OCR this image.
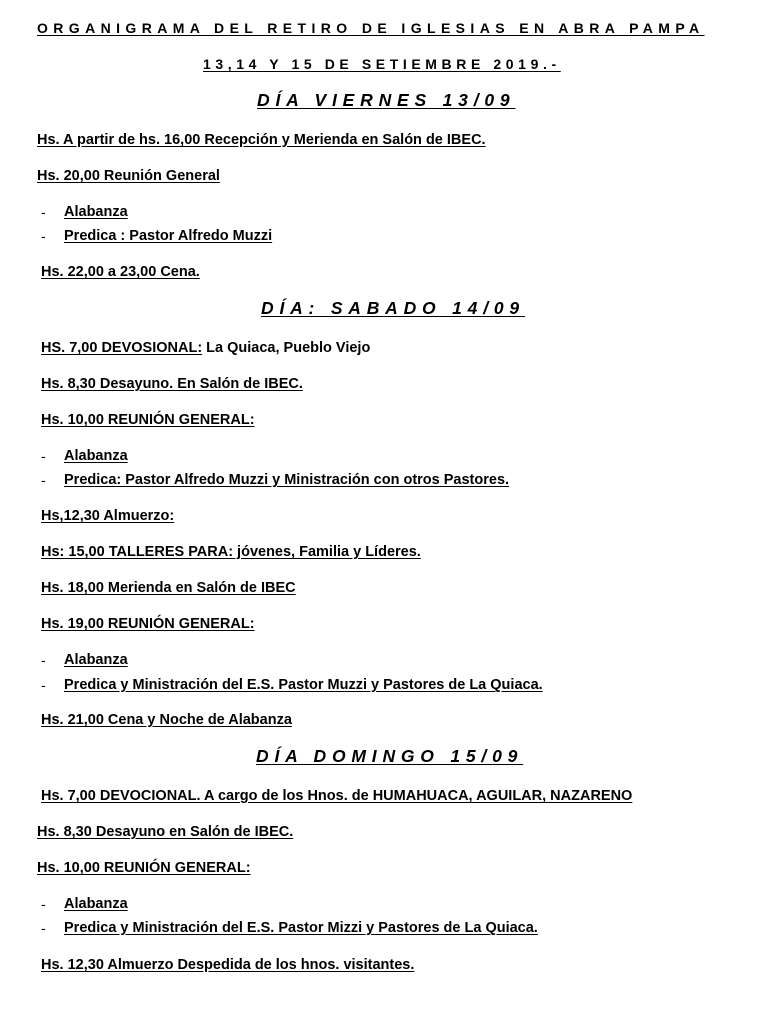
ORGANIGRAMA DEL RETIRO DE IGLESIAS EN ABRA PAMPA
13,14 Y 15 DE SETIEMBRE 2019.-
DÍA VIERNES 13/09
Hs. A partir de hs. 16,00 Recepción y Merienda en Salón de IBEC.
Hs. 20,00 Reunión General
- Alabanza
- Predica : Pastor Alfredo Muzzi
Hs. 22,00 a 23,00 Cena.
DÍA: SABADO 14/09
HS. 7,00 DEVOSIONAL: La Quiaca, Pueblo Viejo
Hs. 8,30 Desayuno. En Salón de IBEC.
Hs. 10,00 REUNIÓN GENERAL:
- Alabanza
- Predica: Pastor Alfredo Muzzi y Ministración con otros Pastores.
Hs,12,30 Almuerzo:
Hs: 15,00 TALLERES PARA: jóvenes, Familia y Líderes.
Hs. 18,00 Merienda en Salón de IBEC
Hs. 19,00 REUNIÓN GENERAL:
- Alabanza
- Predica y Ministración del E.S. Pastor Muzzi y Pastores de La Quiaca.
Hs. 21,00 Cena y Noche de Alabanza
DÍA DOMINGO 15/09
Hs. 7,00 DEVOCIONAL. A cargo de los Hnos. de HUMAHUACA, AGUILAR, NAZARENO
Hs. 8,30 Desayuno en Salón de IBEC.
Hs. 10,00 REUNIÓN GENERAL:
- Alabanza
- Predica y Ministración del E.S. Pastor Mizzi y Pastores de La Quiaca.
Hs. 12,30 Almuerzo Despedida de los hnos. visitantes.
